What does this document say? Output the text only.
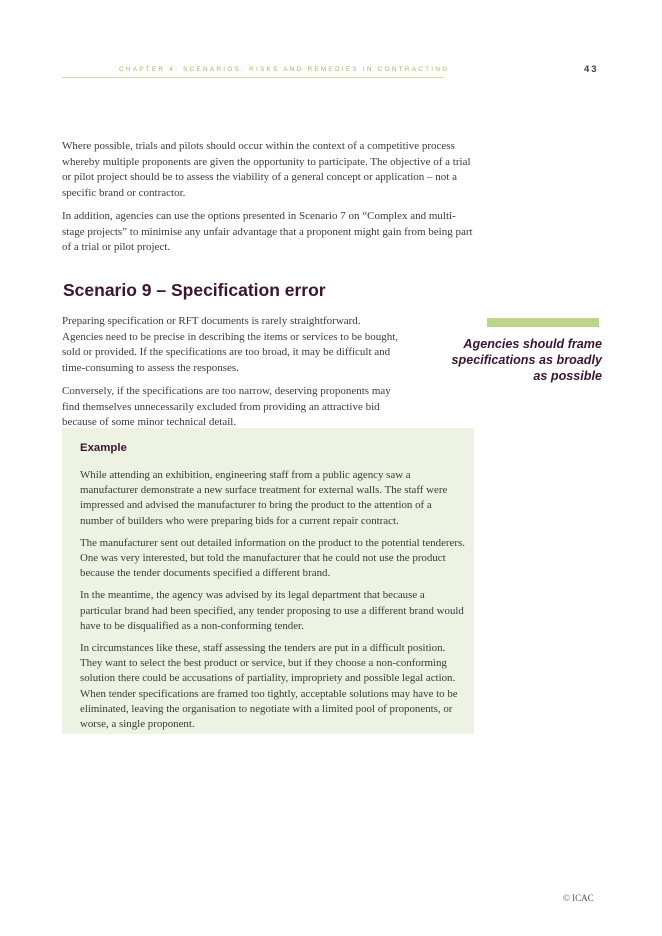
CHAPTER 4: SCENARIOS: RISKS AND REMEDIES IN CONTRACTING	43

Where possible, trials and pilots should occur within the context of a competitive process whereby multiple proponents are given the opportunity to participate. The objective of a trial or pilot project should be to assess the viability of a general concept or application – not a specific brand or contractor.

In addition, agencies can use the options presented in Scenario 7 on “Complex and multi-stage projects” to minimise any unfair advantage that a proponent might gain from being part of a trial or pilot project.

Scenario 9 – Specification error

Preparing specification or RFT documents is rarely straightforward. Agencies need to be precise in describing the items or services to be bought, sold or provided. If the specifications are too broad, it may be difficult and time-consuming to assess the responses.

Conversely, if the specifications are too narrow, deserving proponents may find themselves unnecessarily excluded from providing an attractive bid because of some minor technical detail.

Agencies should frame specifications as broadly as possible
Example

While attending an exhibition, engineering staff from a public agency saw a manufacturer demonstrate a new surface treatment for external walls. The staff were impressed and advised the manufacturer to bring the product to the attention of a number of builders who were preparing bids for a current repair contract.

The manufacturer sent out detailed information on the product to the potential tenderers. One was very interested, but told the manufacturer that he could not use the product because the tender documents specified a different brand.

In the meantime, the agency was advised by its legal department that because a particular brand had been specified, any tender proposing to use a different brand would have to be disqualified as a non-conforming tender.

In circumstances like these, staff assessing the tenders are put in a difficult position. They want to select the best product or service, but if they choose a non-conforming solution there could be accusations of partiality, impropriety and possible legal action. When tender specifications are framed too tightly, acceptable solutions may have to be eliminated, leaving the organisation to negotiate with a limited pool of proponents, or worse, a single proponent.

© ICAC
